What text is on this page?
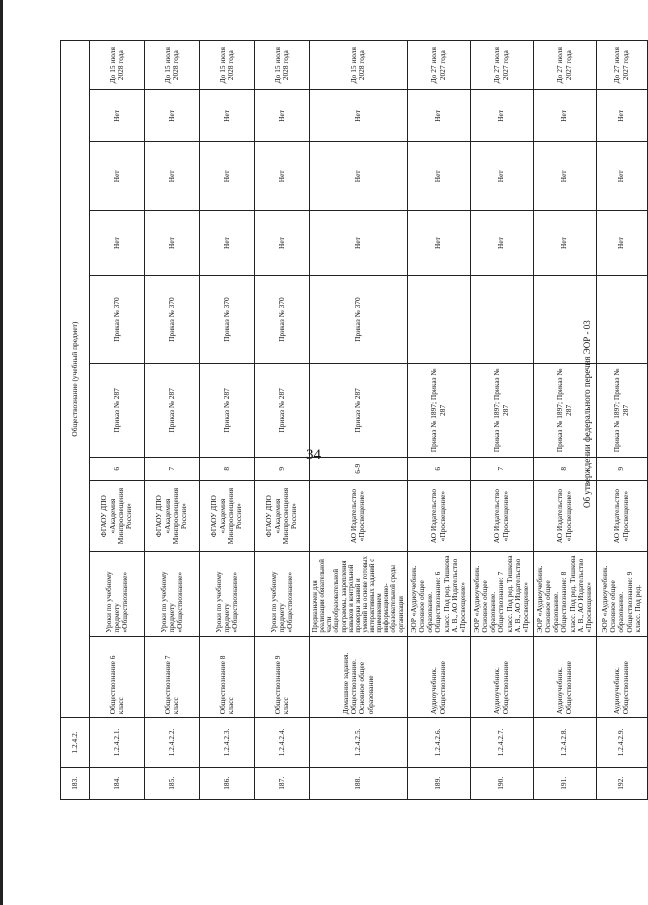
34
183.	1.2.4.2.	Обществознание (учебный предмет)									
184.	1.2.4.2.1.	Обществознание 6 класс	Уроки по учебному предмету «Обществознание»	ФГАОУ ДПО «Академия Минпросвещения России»	6	Приказ № 287	Приказ № 370	Нет	Нет	Нет	До 15 июля 2028 года
185.	1.2.4.2.2.	Обществознание 7 класс	Уроки по учебному предмету «Обществознание»	ФГАОУ ДПО «Академия Минпросвещения России»	7	Приказ № 287	Приказ № 370	Нет	Нет	Нет	До 15 июля 2028 года
186.	1.2.4.2.3.	Обществознание 8 класс	Уроки по учебному предмету «Обществознание»	ФГАОУ ДПО «Академия Минпросвещения России»	8	Приказ № 287	Приказ № 370	Нет	Нет	Нет	До 15 июля 2028 года
187.	1.2.4.2.4.	Обществознание 9 класс	Уроки по учебному предмету «Обществознание»	ФГАОУ ДПО «Академия Минпросвещения России»	9	Приказ № 287	Приказ № 370	Нет	Нет	Нет	До 15 июля 2028 года
188.	1.2.4.2.5.	Домашние задания. Обществознание. Основное общее образование	Предназначен для реализации обязательной части общеобразовательной программы, закрепления навыков и контрольной проверки знаний и умений на основе готовых интерактивных заданий с применением информационно-образовательной среды организации	АО Издательство «Просвещение»	6-9	Приказ № 287	Приказ № 370	Нет	Нет	Нет	До 15 июля 2028 года
189.	1.2.4.2.6.	Аудиоучебник. Обществознание	ЭОР «Аудиоучебник. Основное общее образование. Обществознание: 6 класс. Под ред. Тишкова А. В., АО Издательство «Просвещение»	АО Издательство «Просвещение»	6	Приказ № 1897; Приказ № 287		Нет	Нет	Нет	До 27 июля 2027 года
190.	1.2.4.2.7.	Аудиоучебник. Обществознание	ЭОР «Аудиоучебник. Основное общее образование. Обществознание: 7 класс. Под ред. Тишкова А. В., АО Издательство «Просвещение»	АО Издательство «Просвещение»	7	Приказ № 1897; Приказ № 287		Нет	Нет	Нет	До 27 июля 2027 года
191.	1.2.4.2.8.	Аудиоучебник. Обществознание	ЭОР «Аудиоучебник. Основное общее образование. Обществознание: 8 класс. Под ред. Тишкова А. В., АО Издательство «Просвещение»	АО Издательство «Просвещение»	8	Приказ № 1897; Приказ № 287		Нет	Нет	Нет	До 27 июля 2027 года
192.	1.2.4.2.9.	Аудиоучебник. Обществознание	ЭОР «Аудиоучебник. Основное общее образование. Обществознание: 9 класс. Под ред.	АО Издательство «Просвещение»	9	Приказ № 1897; Приказ № 287		Нет	Нет	Нет	До 27 июля 2027 года
Об утверждении федерального перечня ЭОР - 03
